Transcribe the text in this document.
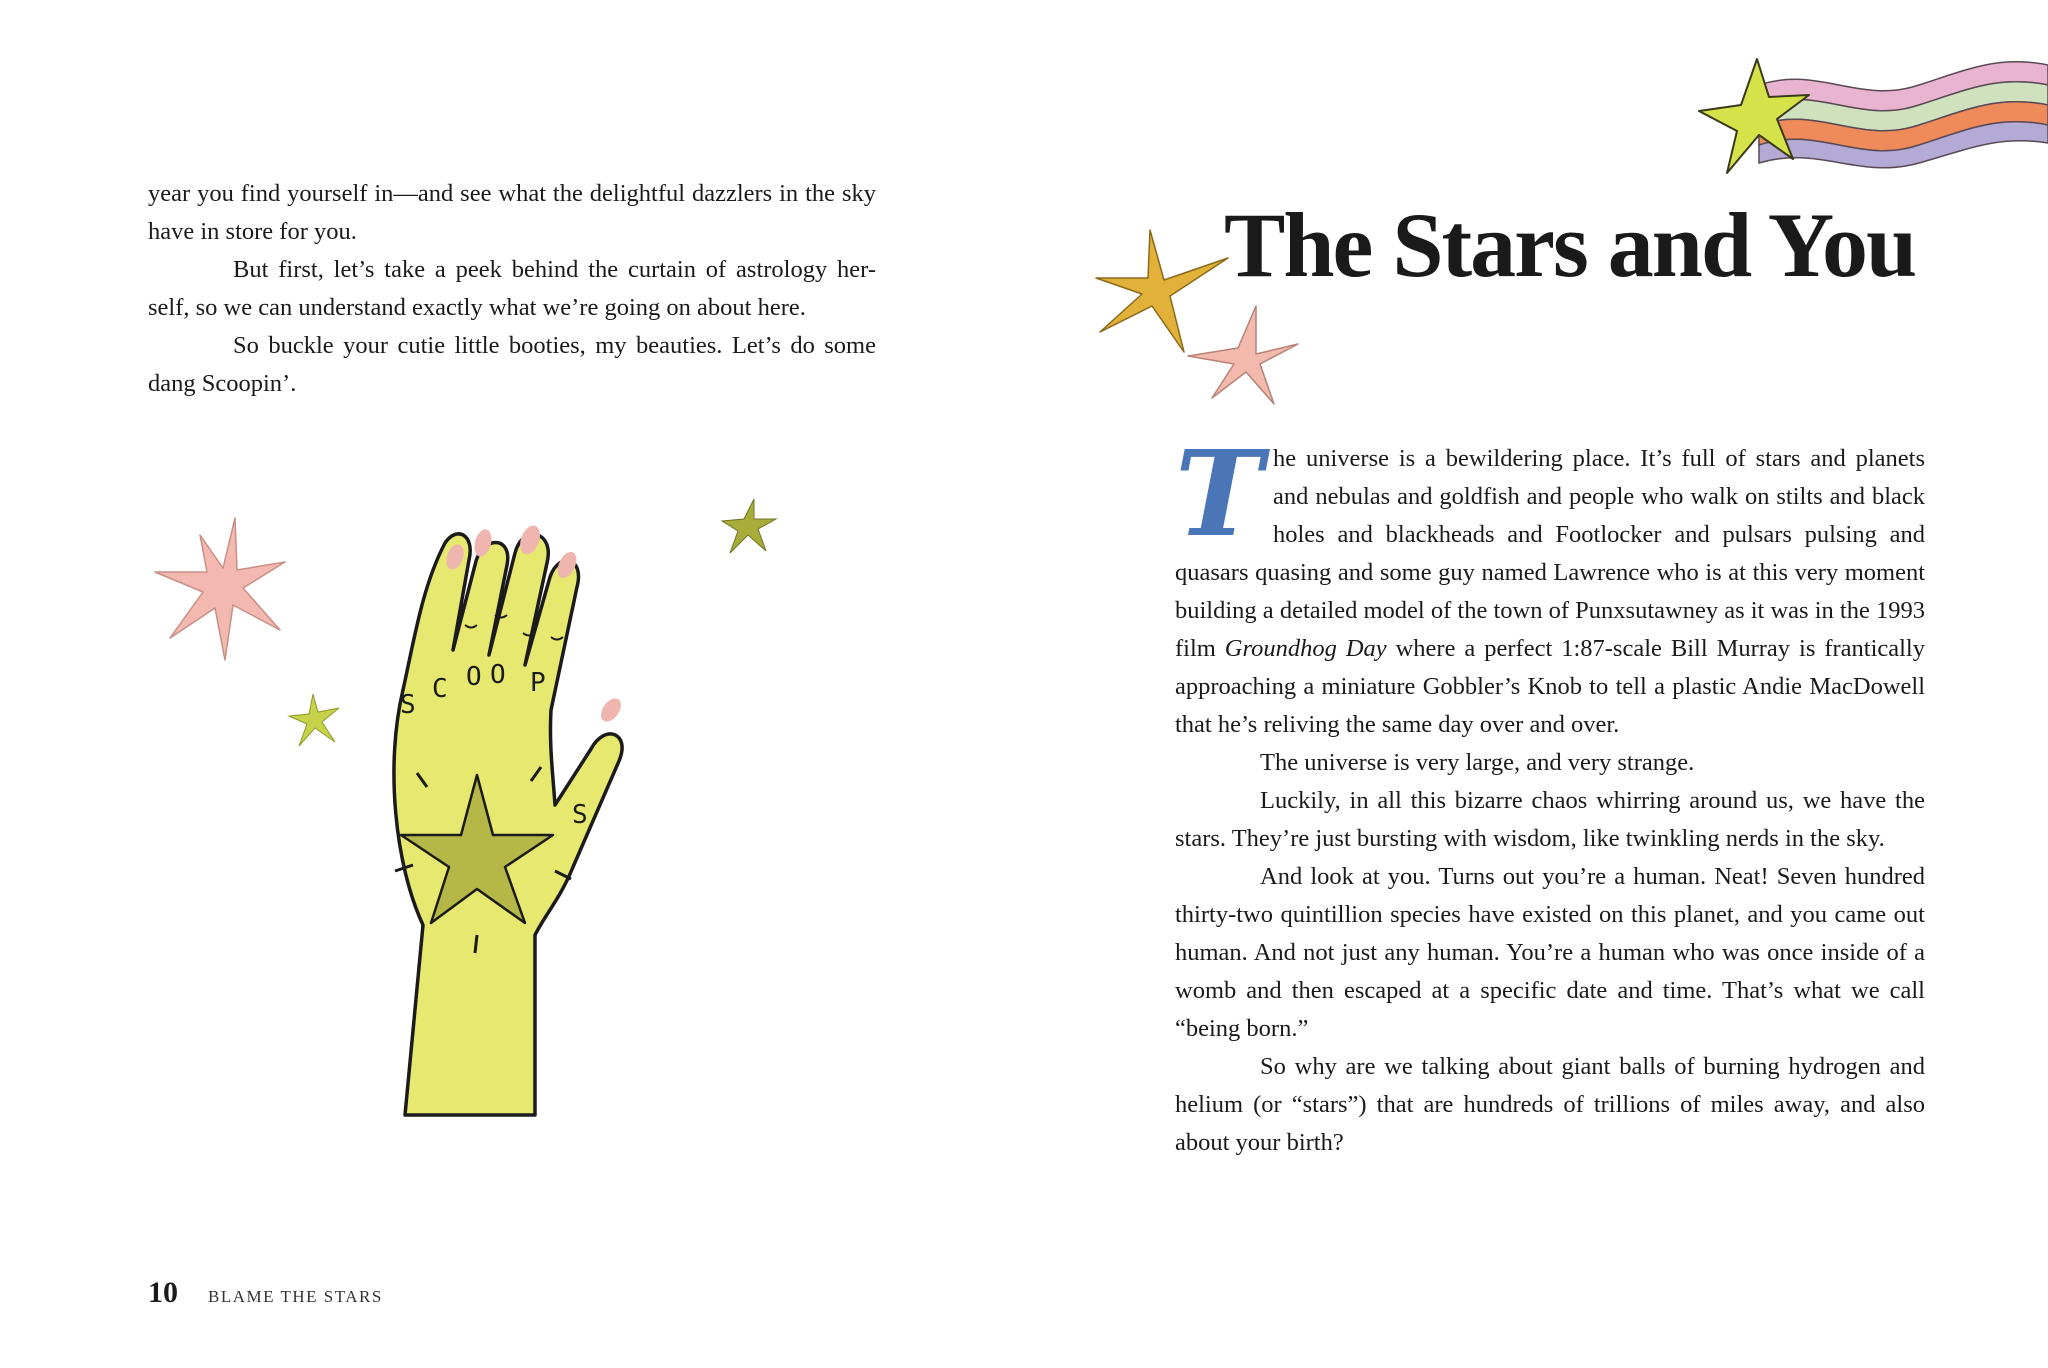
year you find yourself in—and see what the delightful dazzlers in the sky have in store for you.

But first, let’s take a peek behind the curtain of astrology her-self, so we can understand exactly what we’re going on about here.

So buckle your cutie little booties, my beauties. Let’s do some dang Scoopin’.

S
C O O P
S
10 BLAME THE STARS
The Stars and You

The universe is a bewildering place. It’s full of stars and planets and nebulas and goldfish and people who walk on stilts and black holes and blackheads and Footlocker and pulsars pulsing and quasars quasing and some guy named Lawrence who is at this very moment building a detailed model of the town of Punxsutawney as it was in the 1993 film Groundhog Day where a perfect 1:87-scale Bill Murray is frantically approaching a miniature Gobbler’s Knob to tell a plastic Andie MacDowell that he’s reliving the same day over and over.

The universe is very large, and very strange.

Luckily, in all this bizarre chaos whirring around us, we have the stars. They’re just bursting with wisdom, like twinkling nerds in the sky.

And look at you. Turns out you’re a human. Neat! Seven hundred thirty-two quintillion species have existed on this planet, and you came out human. And not just any human. You’re a human who was once inside of a womb and then escaped at a specific date and time. That’s what we call “being born.”

So why are we talking about giant balls of burning hydrogen and helium (or “stars”) that are hundreds of trillions of miles away, and also about your birth?
